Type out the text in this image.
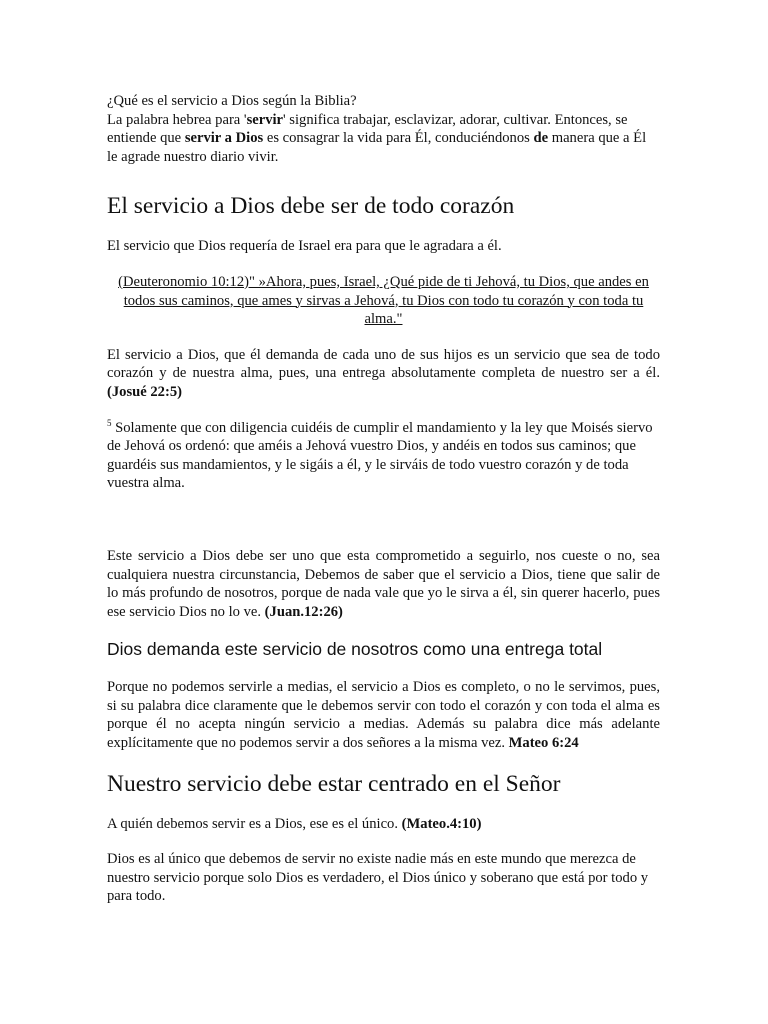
¿Qué es el servicio a Dios según la Biblia?

La palabra hebrea para 'servir' significa trabajar, esclavizar, adorar, cultivar. Entonces, se entiende que servir a Dios es consagrar la vida para Él, conduciéndonos de manera que a Él le agrade nuestro diario vivir.

El servicio a Dios debe ser de todo corazón

El servicio que Dios requería de Israel era para que le agradara a él.

(Deuteronomio 10:12)" »Ahora, pues, Israel, ¿Qué pide de ti Jehová, tu Dios, que andes en todos sus caminos, que ames y sirvas a Jehová, tu Dios con todo tu corazón y con toda tu alma."

El servicio a Dios, que él demanda de cada uno de sus hijos es un servicio que sea de todo corazón y de nuestra alma, pues, una entrega absolutamente completa de nuestro ser a él. (Josué 22:5)

$^5$ Solamente que con diligencia cuidéis de cumplir el mandamiento y la ley que Moisés siervo de Jehová os ordenó: que améis a Jehová vuestro Dios, y andéis en todos sus caminos; que guardéis sus mandamientos, y le sigáis a él, y le sirváis de todo vuestro corazón y de toda vuestra alma.

Este servicio a Dios debe ser uno que esta comprometido a seguirlo, nos cueste o no, sea cualquiera nuestra circunstancia, Debemos de saber que el servicio a Dios, tiene que salir de lo más profundo de nosotros, porque de nada vale que yo le sirva a él, sin querer hacerlo, pues ese servicio Dios no lo ve. (Juan.12:26)

Dios demanda este servicio de nosotros como una entrega total

Porque no podemos servirle a medias, el servicio a Dios es completo, o no le servimos, pues, si su palabra dice claramente que le debemos servir con todo el corazón y con toda el alma es porque él no acepta ningún servicio a medias. Además su palabra dice más adelante explícitamente que no podemos servir a dos señores a la misma vez. Mateo 6:24

Nuestro servicio debe estar centrado en el Señor

A quién debemos servir es a Dios, ese es el único. (Mateo.4:10)

Dios es al único que debemos de servir no existe nadie más en este mundo que merezca de nuestro servicio porque solo Dios es verdadero, el Dios único y soberano que está por todo y para todo.
